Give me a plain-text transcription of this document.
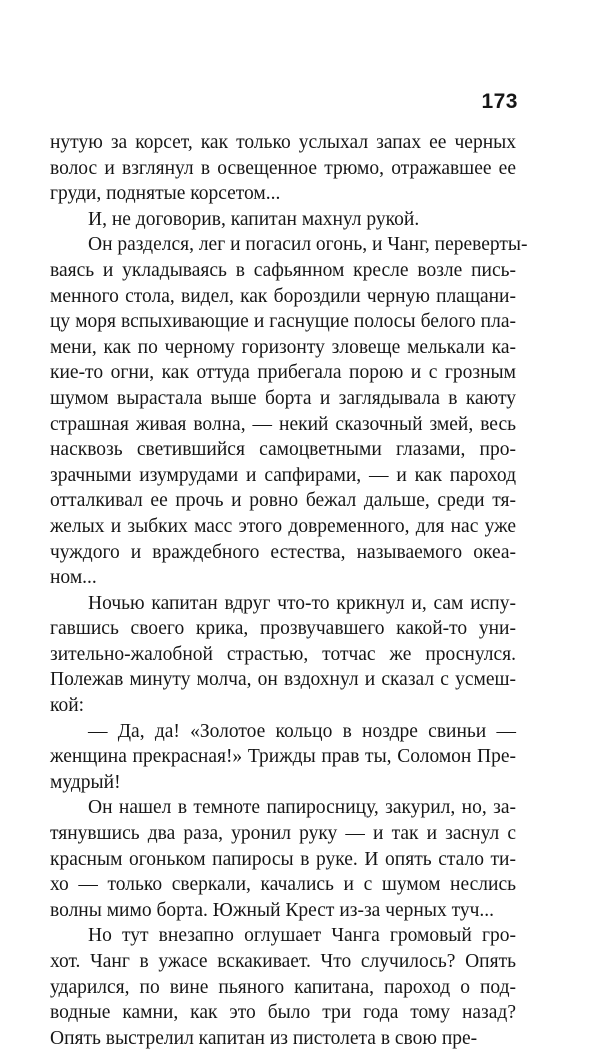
173
нутую за корсет, как только услыхал запах ее черных
волос и взглянул в освещенное трюмо, отражавшее ее
груди, поднятые корсетом...
И, не договорив, капитан махнул рукой.
Он разделся, лег и погасил огонь, и Чанг, переверты-
ваясь и укладываясь в сафьянном кресле возле пись-
менного стола, видел, как бороздили черную плащани-
цу моря вспыхивающие и гаснущие полосы белого пла-
мени, как по черному горизонту зловеще мелькали ка-
кие-то огни, как оттуда прибегала порою и с грозным
шумом вырастала выше борта и заглядывала в каюту
страшная живая волна, — некий сказочный змей, весь
насквозь светившийся самоцветными глазами, про-
зрачными изумрудами и сапфирами, — и как пароход
отталкивал ее прочь и ровно бежал дальше, среди тя-
желых и зыбких масс этого довременного, для нас уже
чуждого и враждебного естества, называемого океа-
ном...
Ночью капитан вдруг что-то крикнул и, сам испу-
гавшись своего крика, прозвучавшего какой-то уни-
зительно-жалобной страстью, тотчас же проснулся.
Полежав минуту молча, он вздохнул и сказал с усмеш-
кой:
— Да, да! «Золотое кольцо в ноздре свиньи —
женщина прекрасная!» Трижды прав ты, Соломон Пре-
мудрый!
Он нашел в темноте папиросницу, закурил, но, за-
тянувшись два раза, уронил руку — и так и заснул с
красным огоньком папиросы в руке. И опять стало ти-
хо — только сверкали, качались и с шумом неслись
волны мимо борта. Южный Крест из-за черных туч...
Но тут внезапно оглушает Чанга громовый гро-
хот. Чанг в ужасе вскакивает. Что случилось? Опять
ударился, по вине пьяного капитана, пароход о под-
водные камни, как это было три года тому назад?
Опять выстрелил капитан из пистолета в свою пре-
